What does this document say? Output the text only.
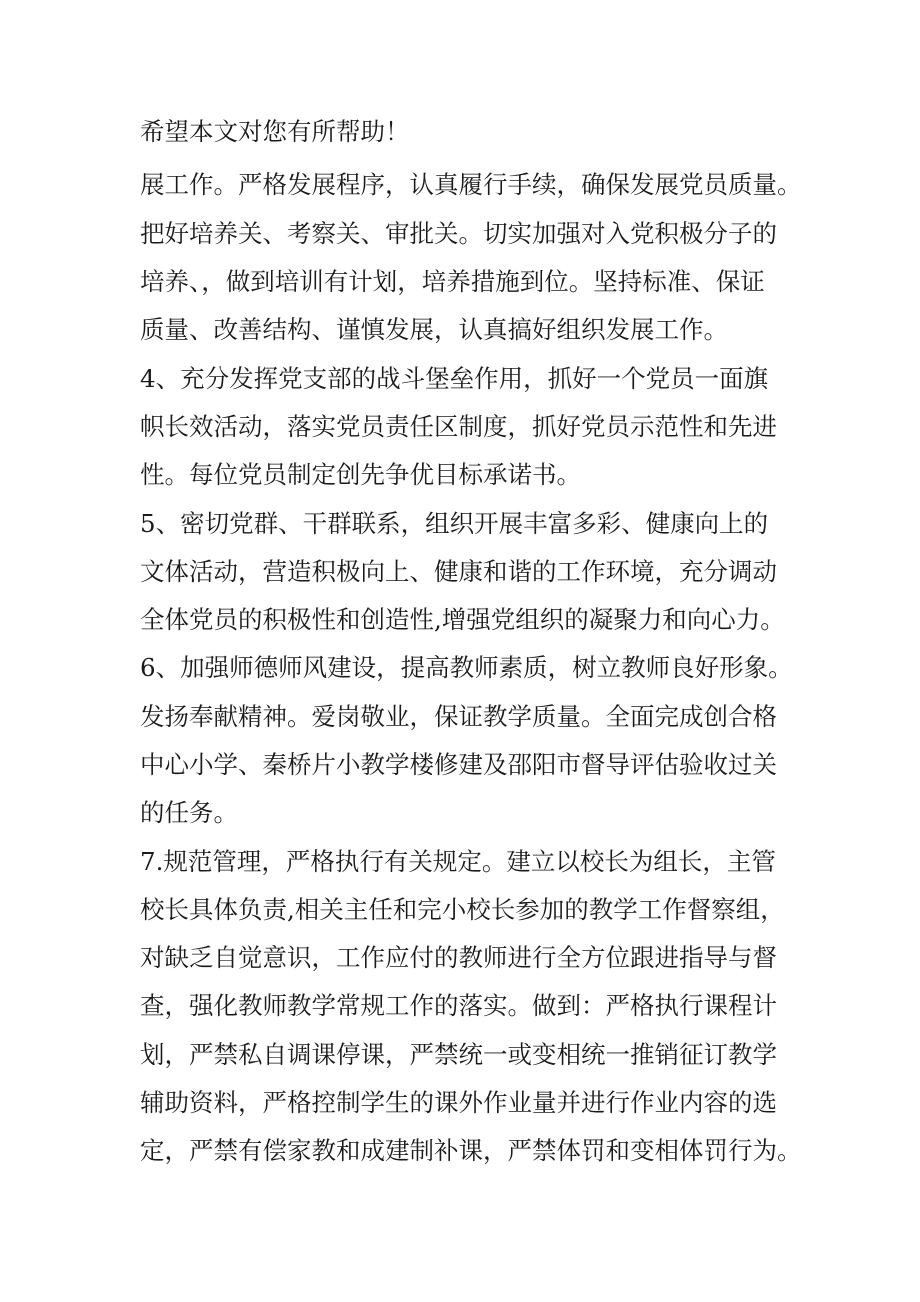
希望本文对您有所帮助！
展工作。严格发展程序，认真履行手续，确保发展党员质量。
把好培养关、考察关、审批关。切实加强对入党积极分子的
培养、，做到培训有计划，培养措施到位。坚持标准、保证
质量、改善结构、谨慎发展，认真搞好组织发展工作。
4、充分发挥党支部的战斗堡垒作用，抓好一个党员一面旗
帜长效活动，落实党员责任区制度，抓好党员示范性和先进
性。每位党员制定创先争优目标承诺书。
5、密切党群、干群联系，组织开展丰富多彩、健康向上的
文体活动，营造积极向上、健康和谐的工作环境，充分调动
全体党员的积极性和创造性,增强党组织的凝聚力和向心力。
6、加强师德师风建设，提高教师素质，树立教师良好形象。
发扬奉献精神。爱岗敬业，保证教学质量。全面完成创合格
中心小学、秦桥片小教学楼修建及邵阳市督导评估验收过关
的任务。
7.规范管理，严格执行有关规定。建立以校长为组长，主管
校长具体负责,相关主任和完小校长参加的教学工作督察组，
对缺乏自觉意识，工作应付的教师进行全方位跟进指导与督
查，强化教师教学常规工作的落实。做到：严格执行课程计
划，严禁私自调课停课，严禁统一或变相统一推销征订教学
辅助资料，严格控制学生的课外作业量并进行作业内容的选
定，严禁有偿家教和成建制补课，严禁体罚和变相体罚行为。
